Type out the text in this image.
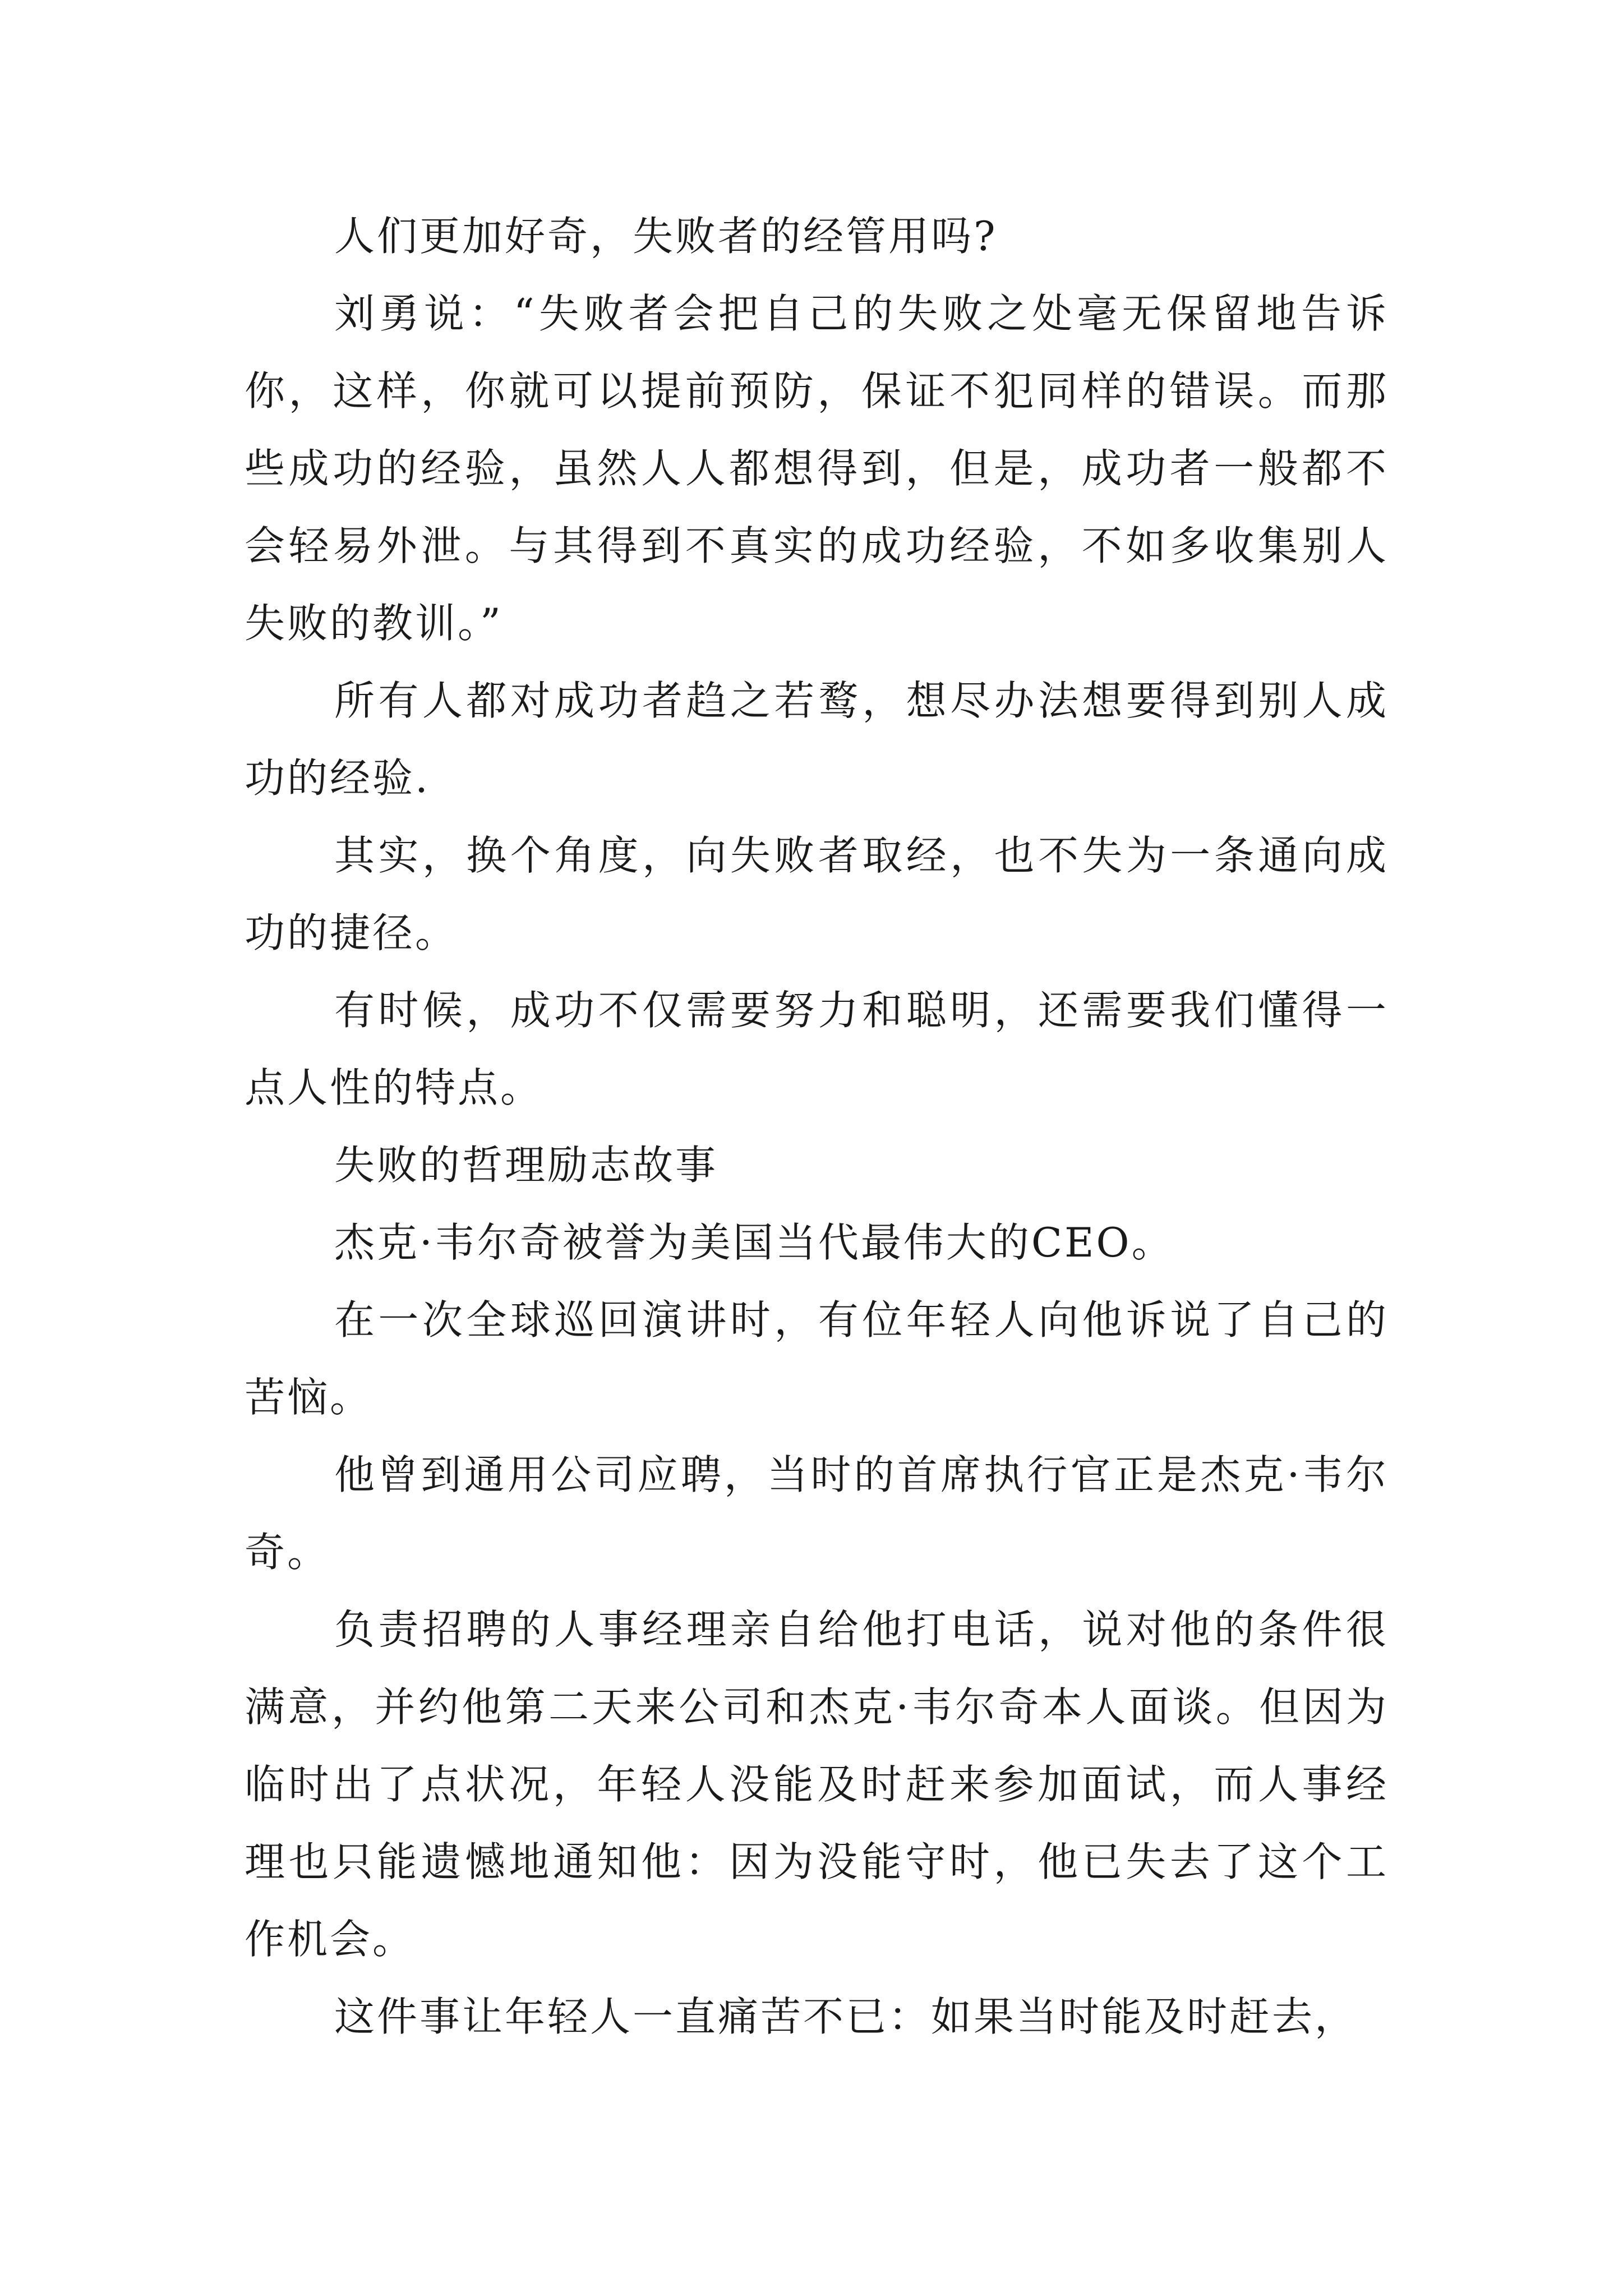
人们更加好奇，失败者的经管用吗?

刘勇说：“失败者会把自己的失败之处毫无保留地告诉你，这样，你就可以提前预防，保证不犯同样的错误。而那些成功的经验，虽然人人都想得到，但是，成功者一般都不会轻易外泄。与其得到不真实的成功经验，不如多收集别人失败的教训。”

所有人都对成功者趋之若鹜，想尽办法想要得到别人成功的经验.

其实，换个角度，向失败者取经，也不失为一条通向成功的捷径。

有时候，成功不仅需要努力和聪明，还需要我们懂得一点人性的特点。

失败的哲理励志故事

杰克·韦尔奇被誉为美国当代最伟大的CEO。

在一次全球巡回演讲时，有位年轻人向他诉说了自己的苦恼。

他曾到通用公司应聘，当时的首席执行官正是杰克·韦尔奇。

负责招聘的人事经理亲自给他打电话，说对他的条件很满意，并约他第二天来公司和杰克·韦尔奇本人面谈。但因为临时出了点状况，年轻人没能及时赶来参加面试，而人事经理也只能遗憾地通知他：因为没能守时，他已失去了这个工作机会。

这件事让年轻人一直痛苦不已：如果当时能及时赶去，
